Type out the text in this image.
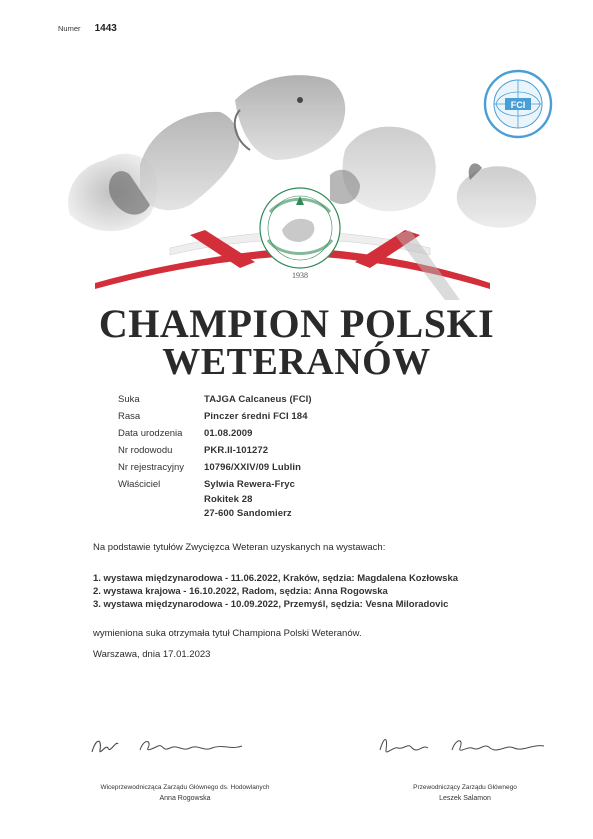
Numer 1443
1938
FCI
CHAMPION POLSKI
WETERANÓW
Suka	TAJGA Calcaneus (FCI)
Rasa	Pinczer średni FCI 184
Data urodzenia	01.08.2009
Nr rodowodu	PKR.II-101272
Nr rejestracyjny	10796/XXIV/09 Lublin
Właściciel	Sylwia Rewera-Fryc
Rokitek 28
27-600 Sandomierz
Na podstawie tytułów Zwycięzca Weteran uzyskanych na wystawach:
1. wystawa międzynarodowa - 11.06.2022, Kraków, sędzia: Magdalena Kozłowska
2. wystawa krajowa - 16.10.2022, Radom, sędzia: Anna Rogowska
3. wystawa międzynarodowa - 10.09.2022, Przemyśl, sędzia: Vesna Miloradovic
wymieniona suka otrzymała tytuł Championa Polski Weteranów.
Warszawa, dnia 17.01.2023
Wiceprzewodnicząca Zarządu Głównego ds. Hodowlanych
Anna Rogowska
Przewodniczący Zarządu Głównego
Leszek Salamon
